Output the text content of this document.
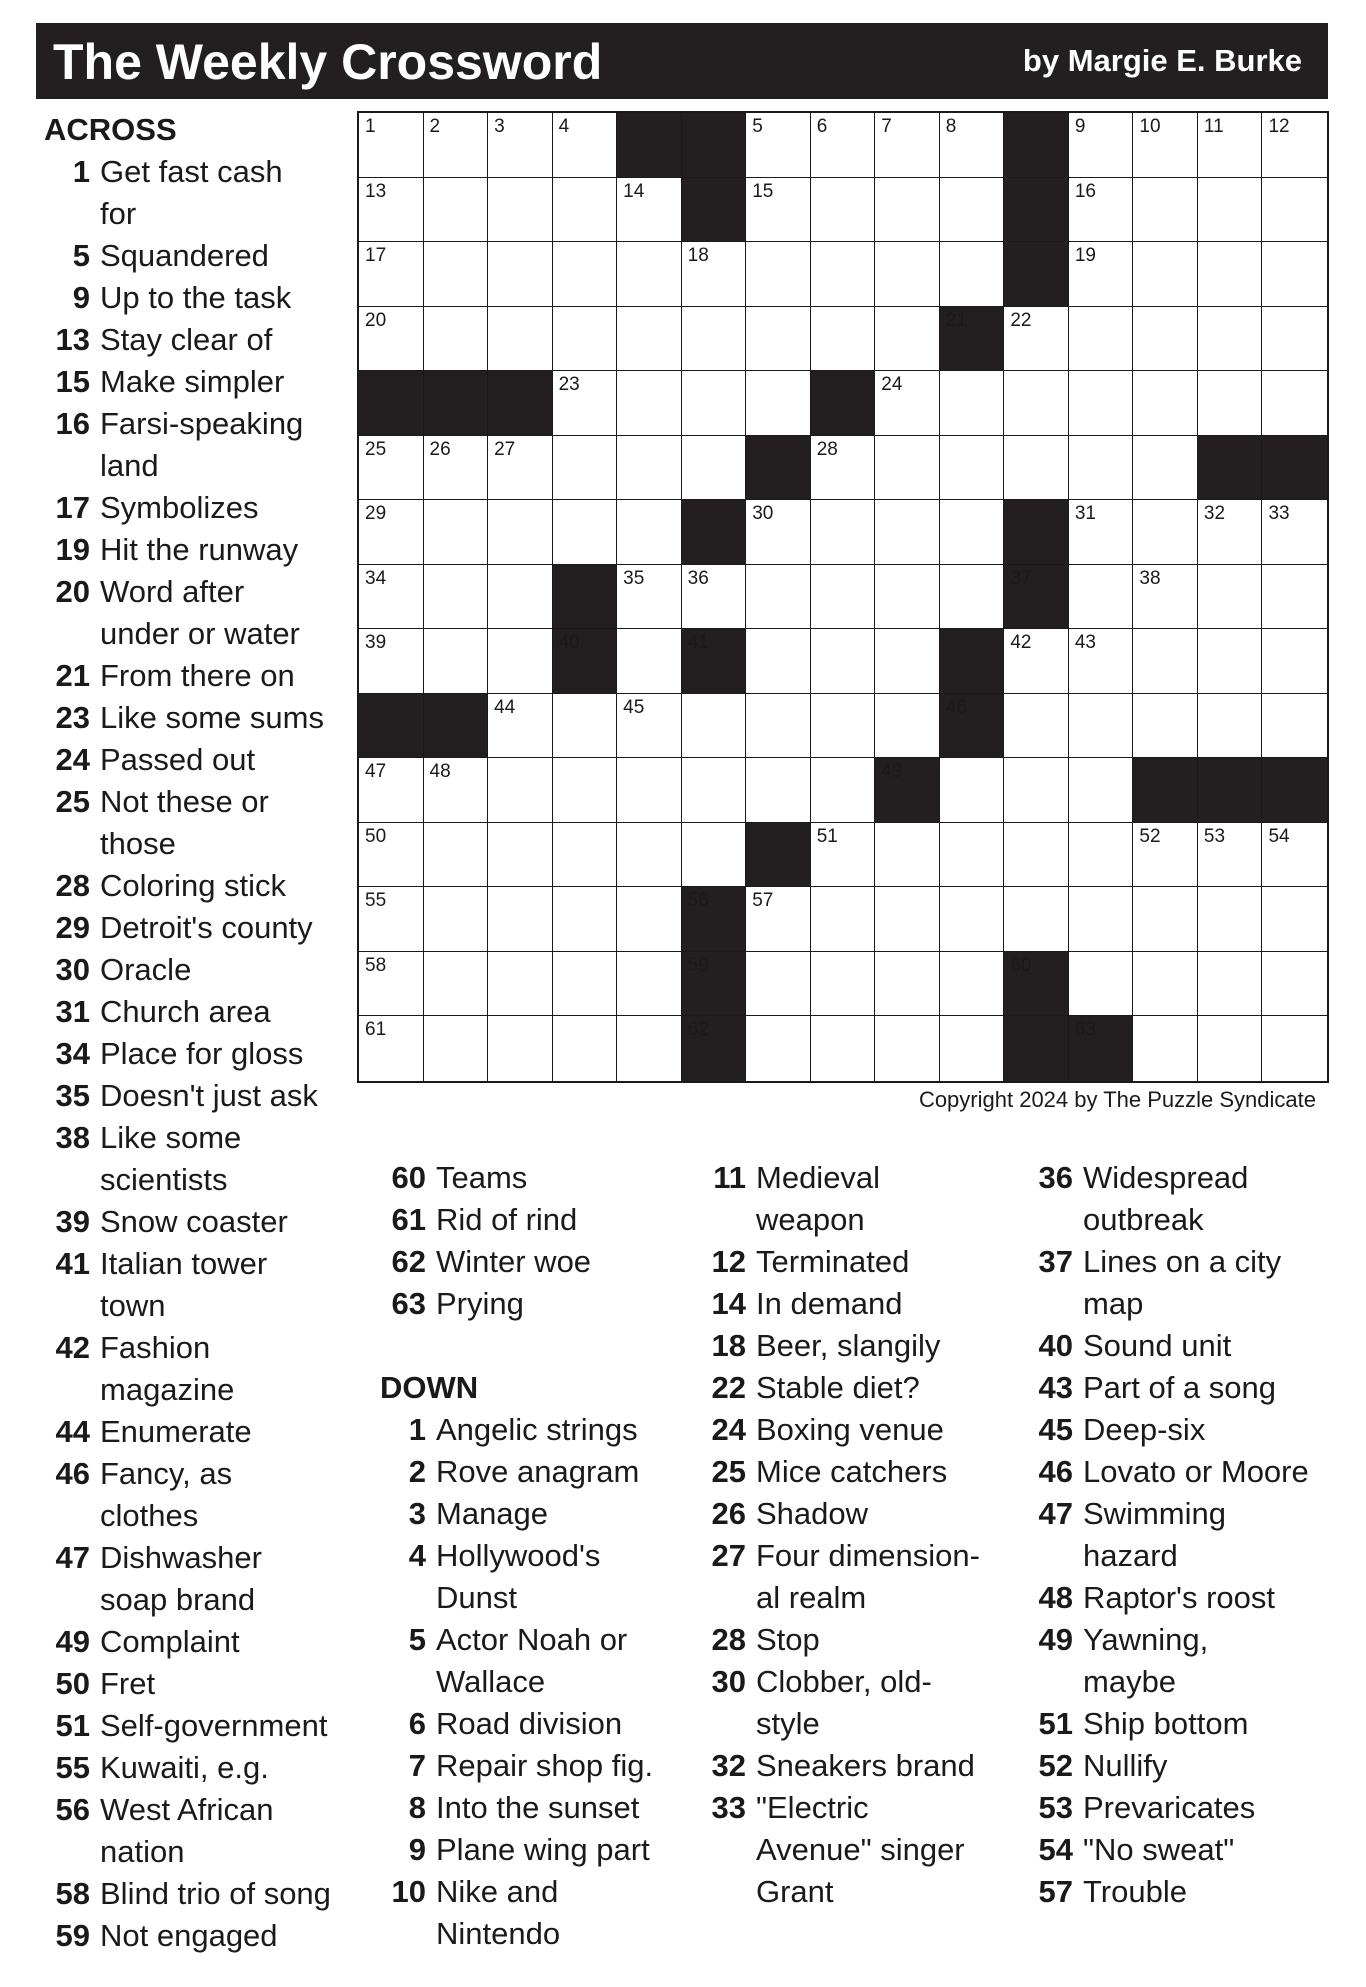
The Weekly Crossword	by Margie E. Burke
1	2	3	4	5	6	7	8	9	10 11 12
13	14	15	16
17	18	19
20	21 22
23	24
25 26 27	28
29	30	31	32 33
34	35 36	37	38
39	40	41	42 43
44	45	46
47 48	49
50	51	52 53 54
55	56 57
58	59	60
61	62	63
Copyright 2024 by The Puzzle Syndicate
ACROSS
1 Get fast cash
for
5 Squandered
9 Up to the task
13 Stay clear of
15 Make simpler
16 Farsi-speaking
land
17 Symbolizes
19 Hit the runway
20 Word after
under or water
21 From there on
23 Like some sums
24 Passed out
25 Not these or
those
28 Coloring stick
29 Detroit's county
30 Oracle
31 Church area
34 Place for gloss
35 Doesn't just ask
38 Like some
scientists
39 Snow coaster
41 Italian tower
town
42 Fashion
magazine
44 Enumerate
46 Fancy, as
clothes
47 Dishwasher
soap brand
49 Complaint
50 Fret
51 Self-government
55 Kuwaiti, e.g.
56 West African
nation
58 Blind trio of song
59 Not engaged
60 Teams
61 Rid of rind
62 Winter woe
63 Prying
DOWN
1 Angelic strings
2 Rove anagram
3 Manage
4 Hollywood's
Dunst
5 Actor Noah or
Wallace
6 Road division
7 Repair shop fig.
8 Into the sunset
9 Plane wing part
10 Nike and
Nintendo
11 Medieval
weapon
12 Terminated
14 In demand
18 Beer, slangily
22 Stable diet?
24 Boxing venue
25 Mice catchers
26 Shadow
27 Four dimension-
al realm
28 Stop
30 Clobber, old-
style
32 Sneakers brand
33 "Electric
Avenue" singer
Grant
36 Widespread
outbreak
37 Lines on a city
map
40 Sound unit
43 Part of a song
45 Deep-six
46 Lovato or Moore
47 Swimming
hazard
48 Raptor's roost
49 Yawning,
maybe
51 Ship bottom
52 Nullify
53 Prevaricates
54 "No sweat"
57 Trouble
